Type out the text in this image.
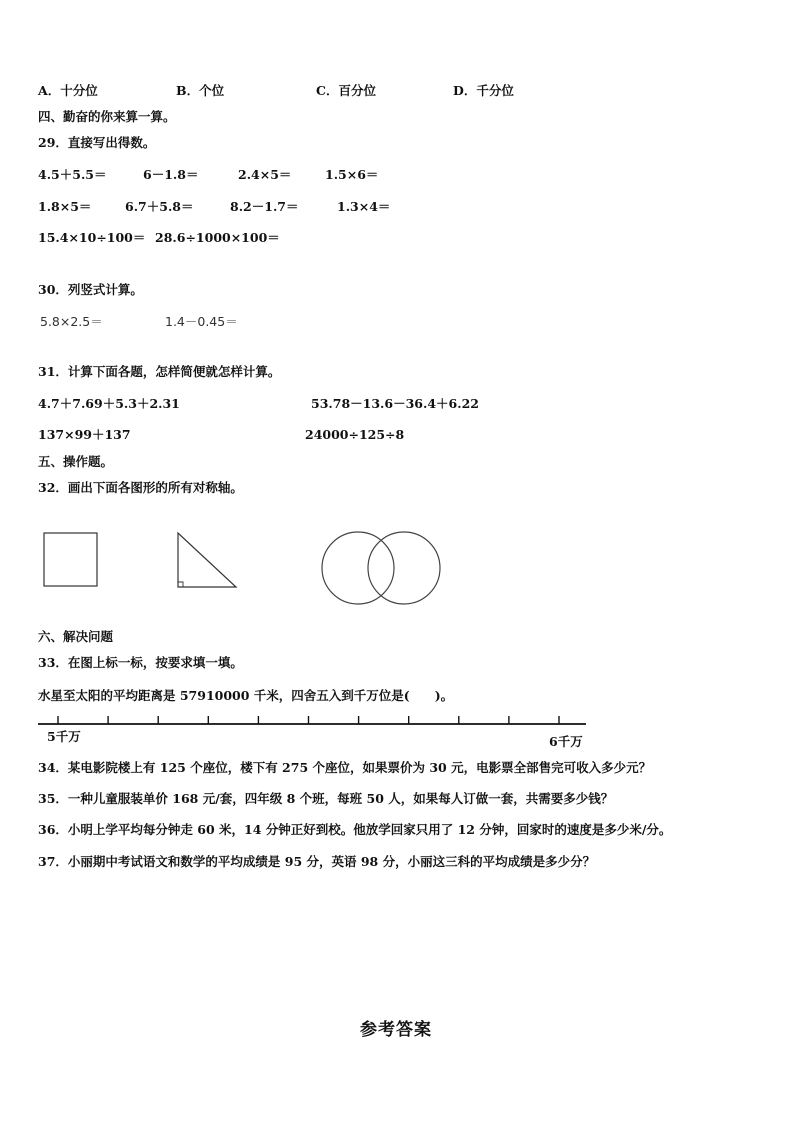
A．十分位	B．个位	C．百分位	D．千分位
四、勤奋的你来算一算。
29．直接写出得数。
4.5＋5.5＝	6－1.8＝	2.4×5＝	1.5×6＝
1.8×5＝	6.7＋5.8＝	8.2－1.7＝	1.3×4＝
15.4×10÷100＝ 28.6÷1000×100＝
30．列竖式计算。
5.8×2.5＝	1.4－0.45＝
31．计算下面各题，怎样简便就怎样计算。
4.7＋7.69＋5.3＋2.31	53.78－13.6－36.4＋6.22
137×99＋137	24000÷125÷8
五、操作题。
32．画出下面各图形的所有对称轴。
六、解决问题
33．在图上标一标，按要求填一填。
水星至太阳的平均距离是 57910000 千米，四舍五入到千万位是(　　)。
5千万	6千万
34．某电影院楼上有 125 个座位，楼下有 275 个座位，如果票价为 30 元，电影票全部售完可收入多少元？
35．一种儿童服装单价 168 元/套，四年级 8 个班，每班 50 人，如果每人订做一套，共需要多少钱？
36．小明上学平均每分钟走 60 米，14 分钟正好到校。他放学回家只用了 12 分钟，回家时的速度是多少米/分。
37．小丽期中考试语文和数学的平均成绩是 95 分，英语 98 分，小丽这三科的平均成绩是多少分？
参考答案
